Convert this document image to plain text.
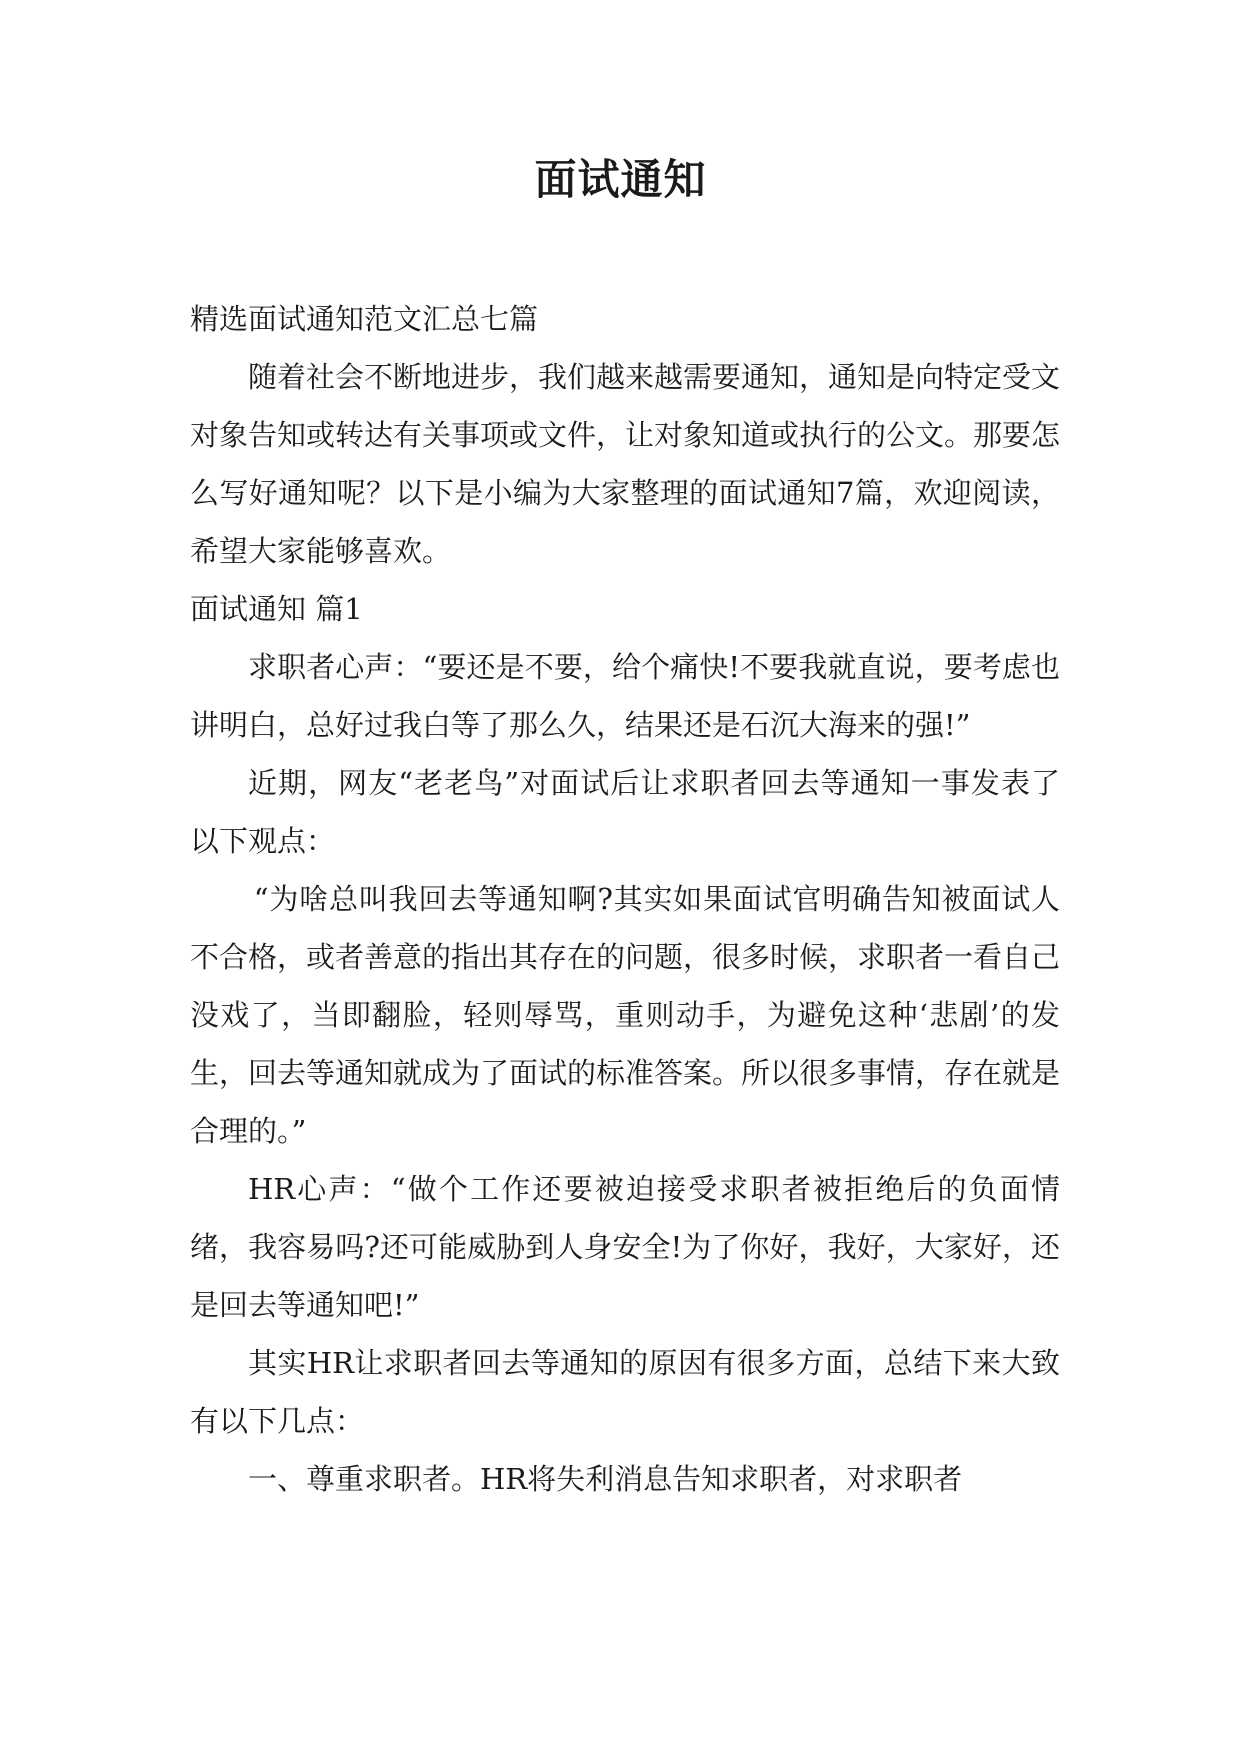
面试通知

精选面试通知范文汇总七篇

随着社会不断地进步，我们越来越需要通知，通知是向特定受文对象告知或转达有关事项或文件，让对象知道或执行的公文。那要怎么写好通知呢？以下是小编为大家整理的面试通知7篇，欢迎阅读，希望大家能够喜欢。

面试通知 篇1

求职者心声：“要还是不要，给个痛快!不要我就直说，要考虑也讲明白，总好过我白等了那么久，结果还是石沉大海来的强!”

近期，网友“老老鸟”对面试后让求职者回去等通知一事发表了以下观点：

“为啥总叫我回去等通知啊?其实如果面试官明确告知被面试人不合格，或者善意的指出其存在的问题，很多时候，求职者一看自己没戏了，当即翻脸，轻则辱骂，重则动手，为避免这种‘悲剧’的发生，回去等通知就成为了面试的标准答案。所以很多事情，存在就是合理的。”

HR心声：“做个工作还要被迫接受求职者被拒绝后的负面情绪，我容易吗?还可能威胁到人身安全!为了你好，我好，大家好，还是回去等通知吧!”

其实HR让求职者回去等通知的原因有很多方面，总结下来大致有以下几点：

一、尊重求职者。HR将失利消息告知求职者，对求职者
